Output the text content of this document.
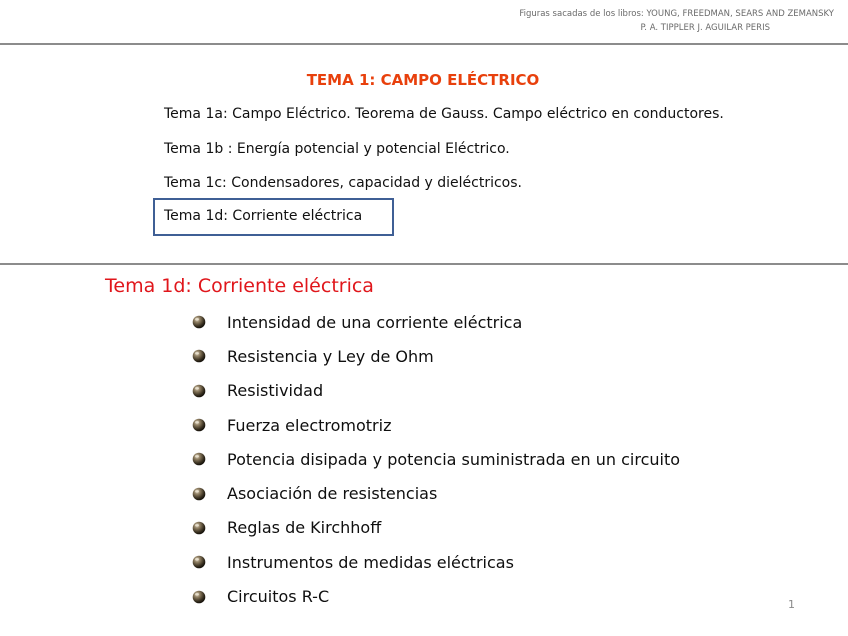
Figuras sacadas de los libros: YOUNG, FREEDMAN, SEARS AND ZEMANSKY
P. A. TIPPLER J. AGUILAR PERIS
TEMA 1: CAMPO ELÉCTRICO
Tema 1a: Campo Eléctrico. Teorema de Gauss. Campo eléctrico en conductores.
Tema 1b : Energía potencial y potencial Eléctrico.
Tema 1c: Condensadores, capacidad y dieléctricos.
Tema 1d: Corriente eléctrica
Tema 1d: Corriente eléctrica
Intensidad de una corriente eléctrica
Resistencia y Ley de Ohm
Resistividad
Fuerza electromotriz
Potencia disipada y potencia suministrada en un circuito
Asociación de resistencias
Reglas de Kirchhoff
Instrumentos de medidas eléctricas
Circuitos R-C	1
